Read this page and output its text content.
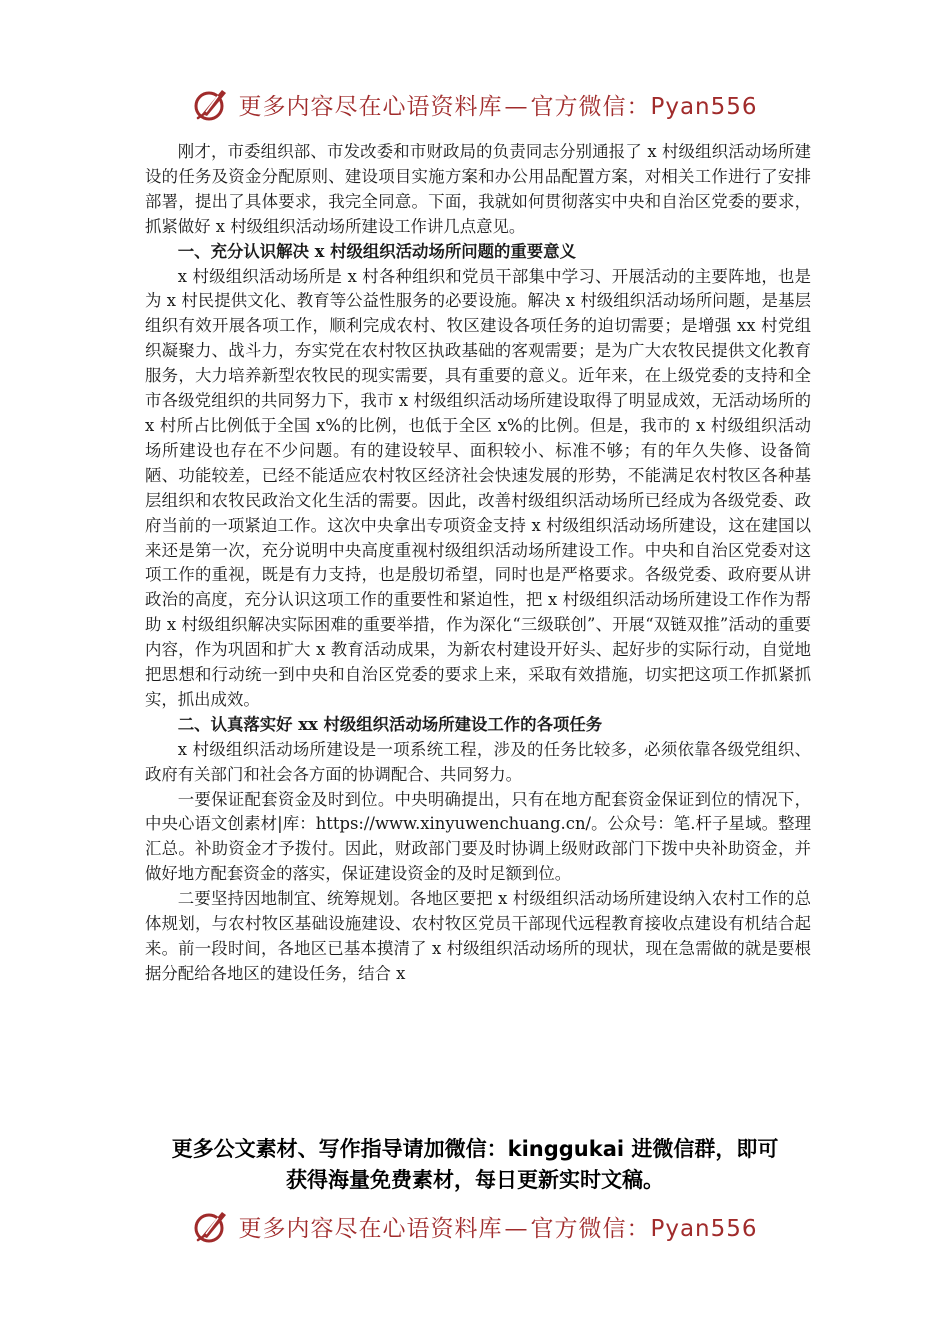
更多内容尽在心语资料库—官方微信：Pyan556

刚才，市委组织部、市发改委和市财政局的负责同志分别通报了 x 村级组织活动场所建设的任务及资金分配原则、建设项目实施方案和办公用品配置方案，对相关工作进行了安排部署，提出了具体要求，我完全同意。下面，我就如何贯彻落实中央和自治区党委的要求，抓紧做好 x 村级组织活动场所建设工作讲几点意见。

一、充分认识解决 x 村级组织活动场所问题的重要意义

x 村级组织活动场所是 x 村各种组织和党员干部集中学习、开展活动的主要阵地，也是为 x 村民提供文化、教育等公益性服务的必要设施。解决 x 村级组织活动场所问题，是基层组织有效开展各项工作，顺利完成农村、牧区建设各项任务的迫切需要；是增强 xx 村党组织凝聚力、战斗力，夯实党在农村牧区执政基础的客观需要；是为广大农牧民提供文化教育服务，大力培养新型农牧民的现实需要，具有重要的意义。近年来，在上级党委的支持和全市各级党组织的共同努力下，我市 x 村级组织活动场所建设取得了明显成效，无活动场所的 x 村所占比例低于全国 x%的比例，也低于全区 x%的比例。但是，我市的 x 村级组织活动场所建设也存在不少问题。有的建设较早、面积较小、标准不够；有的年久失修、设备简陋、功能较差，已经不能适应农村牧区经济社会快速发展的形势，不能满足农村牧区各种基层组织和农牧民政治文化生活的需要。因此，改善村级组织活动场所已经成为各级党委、政府当前的一项紧迫工作。这次中央拿出专项资金支持 x 村级组织活动场所建设，这在建国以来还是第一次，充分说明中央高度重视村级组织活动场所建设工作。中央和自治区党委对这项工作的重视，既是有力支持，也是殷切希望，同时也是严格要求。各级党委、政府要从讲政治的高度，充分认识这项工作的重要性和紧迫性，把 x 村级组织活动场所建设工作作为帮助 x 村级组织解决实际困难的重要举措，作为深化“三级联创”、开展“双链双推”活动的重要内容，作为巩固和扩大 x 教育活动成果，为新农村建设开好头、起好步的实际行动，自觉地把思想和行动统一到中央和自治区党委的要求上来，采取有效措施，切实把这项工作抓紧抓实，抓出成效。

二、认真落实好 xx 村级组织活动场所建设工作的各项任务

x 村级组织活动场所建设是一项系统工程，涉及的任务比较多，必须依靠各级党组织、政府有关部门和社会各方面的协调配合、共同努力。

一要保证配套资金及时到位。中央明确提出，只有在地方配套资金保证到位的情况下，中央心语文创素材|库：https://www.xinyuwenchuang.cn/。公众号：笔.杆子星域。整理汇总。补助资金才予拨付。因此，财政部门要及时协调上级财政部门下拨中央补助资金，并做好地方配套资金的落实，保证建设资金的及时足额到位。

二要坚持因地制宜、统筹规划。各地区要把 x 村级组织活动场所建设纳入农村工作的总体规划，与农村牧区基础设施建设、农村牧区党员干部现代远程教育接收点建设有机结合起来。前一段时间，各地区已基本摸清了 x 村级组织活动场所的现状，现在急需做的就是要根据分配给各地区的建设任务，结合 x

更多公文素材、写作指导请加微信：kinggukai 进微信群，即可
获得海量免费素材，每日更新实时文稿。
更多内容尽在心语资料库—官方微信：Pyan556
